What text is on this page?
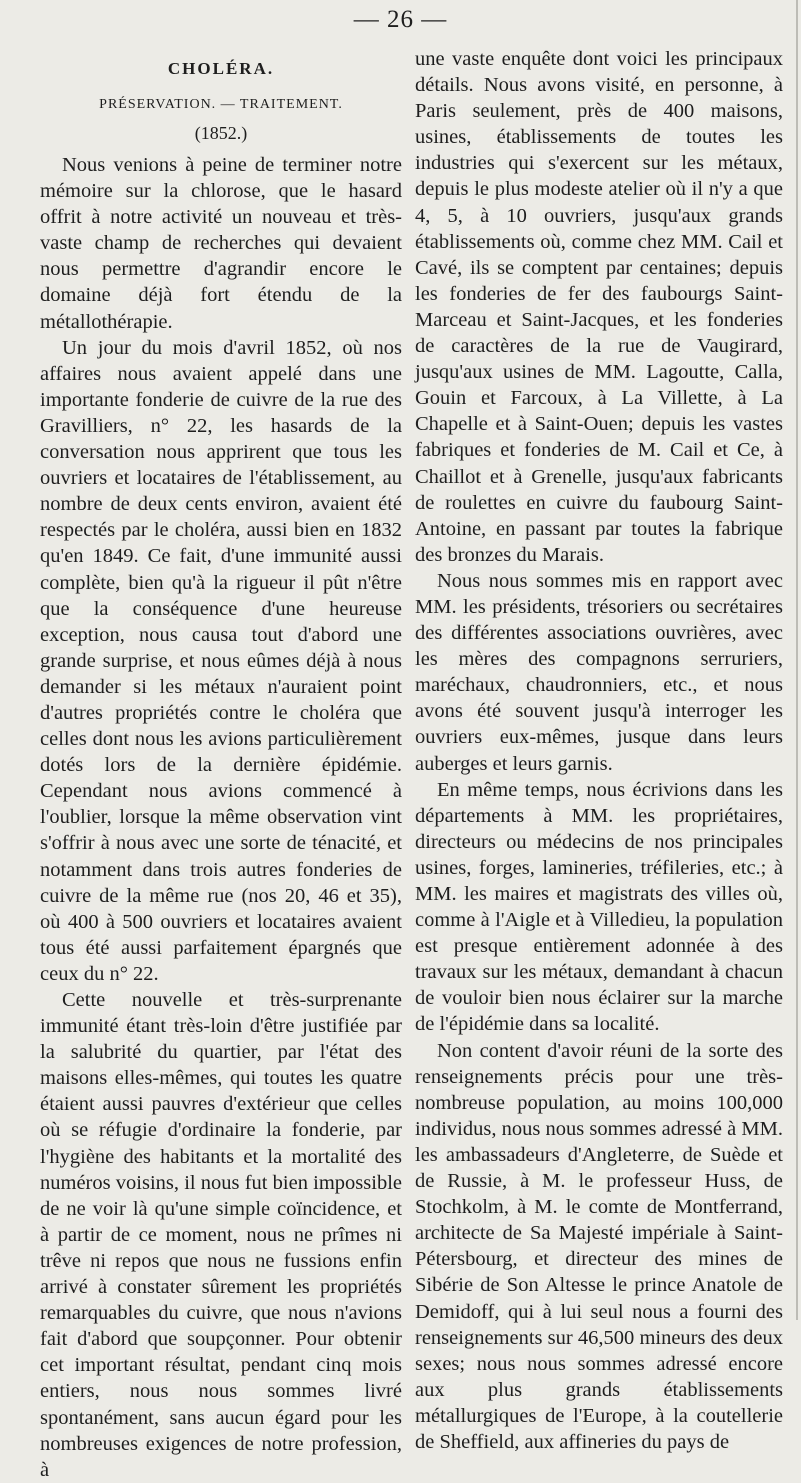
— 26 —
CHOLÉRA.
PRÉSERVATION. — TRAITEMENT.
(1852.)

Nous venions à peine de terminer notre mémoire sur la chlorose, que le hasard offrit à notre activité un nouveau et très-vaste champ de recherches qui devaient nous permettre d'agrandir encore le domaine déjà fort étendu de la métallothérapie.

Un jour du mois d'avril 1852, où nos affaires nous avaient appelé dans une importante fonderie de cuivre de la rue des Gravilliers, n° 22, les hasards de la conversation nous apprirent que tous les ouvriers et locataires de l'établissement, au nombre de deux cents environ, avaient été respectés par le choléra, aussi bien en 1832 qu'en 1849. Ce fait, d'une immunité aussi complète, bien qu'à la rigueur il pût n'être que la conséquence d'une heureuse exception, nous causa tout d'abord une grande surprise, et nous eûmes déjà à nous demander si les métaux n'auraient point d'autres propriétés contre le choléra que celles dont nous les avions particulièrement dotés lors de la dernière épidémie. Cependant nous avions commencé à l'oublier, lorsque la même observation vint s'offrir à nous avec une sorte de ténacité, et notamment dans trois autres fonderies de cuivre de la même rue (nos 20, 46 et 35), où 400 à 500 ouvriers et locataires avaient tous été aussi parfaitement épargnés que ceux du n° 22.

Cette nouvelle et très-surprenante immunité étant très-loin d'être justifiée par la salubrité du quartier, par l'état des maisons elles-mêmes, qui toutes les quatre étaient aussi pauvres d'extérieur que celles où se réfugie d'ordinaire la fonderie, par l'hygiène des habitants et la mortalité des numéros voisins, il nous fut bien impossible de ne voir là qu'une simple coïncidence, et à partir de ce moment, nous ne prîmes ni trêve ni repos que nous ne fussions enfin arrivé à constater sûrement les propriétés remarquables du cuivre, que nous n'avions fait d'abord que soupçonner. Pour obtenir cet important résultat, pendant cinq mois entiers, nous nous sommes livré spontanément, sans aucun égard pour les nombreuses exigences de notre profession, à

une vaste enquête dont voici les principaux détails. Nous avons visité, en personne, à Paris seulement, près de 400 maisons, usines, établissements de toutes les industries qui s'exercent sur les métaux, depuis le plus modeste atelier où il n'y a que 4, 5, à 10 ouvriers, jusqu'aux grands établissements où, comme chez MM. Cail et Cavé, ils se comptent par centaines; depuis les fonderies de fer des faubourgs Saint-Marceau et Saint-Jacques, et les fonderies de caractères de la rue de Vaugirard, jusqu'aux usines de MM. Lagoutte, Calla, Gouin et Farcoux, à La Villette, à La Chapelle et à Saint-Ouen; depuis les vastes fabriques et fonderies de M. Cail et Ce, à Chaillot et à Grenelle, jusqu'aux fabricants de roulettes en cuivre du faubourg Saint-Antoine, en passant par toutes la fabrique des bronzes du Marais.

Nous nous sommes mis en rapport avec MM. les présidents, trésoriers ou secrétaires des différentes associations ouvrières, avec les mères des compagnons serruriers, maréchaux, chaudronniers, etc., et nous avons été souvent jusqu'à interroger les ouvriers eux-mêmes, jusque dans leurs auberges et leurs garnis.

En même temps, nous écrivions dans les départements à MM. les propriétaires, directeurs ou médecins de nos principales usines, forges, lamineries, tréfileries, etc.; à MM. les maires et magistrats des villes où, comme à l'Aigle et à Villedieu, la population est presque entièrement adonnée à des travaux sur les métaux, demandant à chacun de vouloir bien nous éclairer sur la marche de l'épidémie dans sa localité.

Non content d'avoir réuni de la sorte des renseignements précis pour une très-nombreuse population, au moins 100,000 individus, nous nous sommes adressé à MM. les ambassadeurs d'Angleterre, de Suède et de Russie, à M. le professeur Huss, de Stochkolm, à M. le comte de Montferrand, architecte de Sa Majesté impériale à Saint-Pétersbourg, et directeur des mines de Sibérie de Son Altesse le prince Anatole de Demidoff, qui à lui seul nous a fourni des renseignements sur 46,500 mineurs des deux sexes; nous nous sommes adressé encore aux plus grands établissements métallurgiques de l'Europe, à la coutellerie de Sheffield, aux affineries du pays de
